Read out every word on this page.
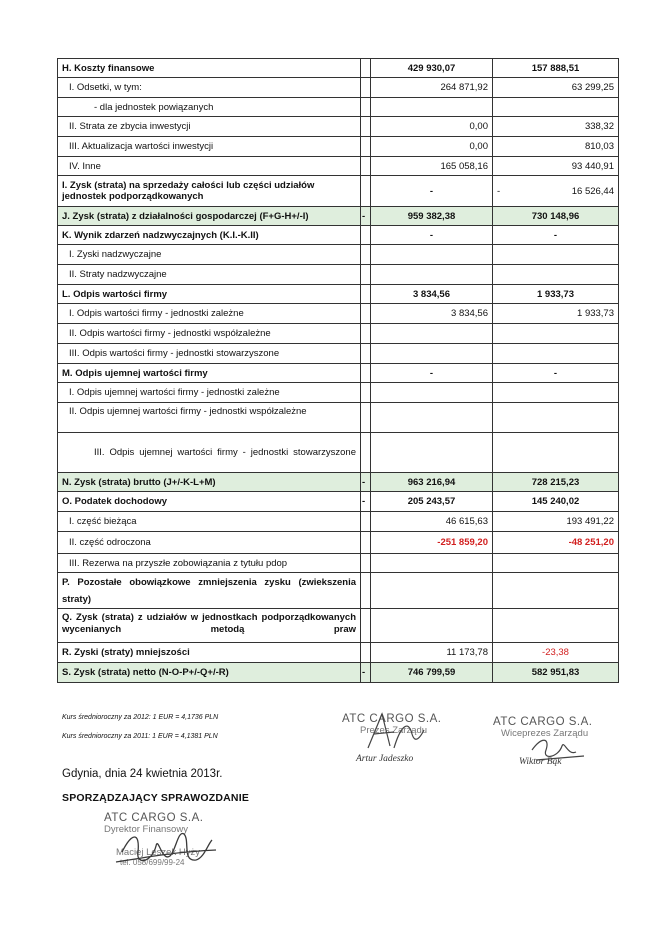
H. Koszty finansowe		429 930,07	157 888,51
I. Odsetki, w tym:		264 871,92	63 299,25
- dla jednostek powiązanych			
II. Strata ze zbycia inwestycji		0,00	338,32
III. Aktualizacja wartości inwestycji		0,00	810,03
IV. Inne		165 058,16	93 440,91
I. Zysk (strata) na sprzedaży całości lub części udziałów jednostek podporządkowanych		-	- 16 526,44
J. Zysk (strata) z działalności gospodarczej (F+G-H+/-I)	-	959 382,38	730 148,96
K. Wynik zdarzeń nadzwyczajnych (K.I.-K.II)		-	-
I. Zyski nadzwyczajne			
II. Straty nadzwyczajne			
L. Odpis wartości firmy		3 834,56	1 933,73
I. Odpis wartości firmy - jednostki zależne		3 834,56	1 933,73
II. Odpis wartości firmy - jednostki współzależne			
III. Odpis wartości firmy - jednostki stowarzyszone			
M. Odpis ujemnej wartości firmy		-	-
I. Odpis ujemnej wartości firmy - jednostki zależne			
II. Odpis ujemnej wartości firmy - jednostki współzależne			
III. Odpis ujemnej wartości firmy - jednostki stowarzyszone			
N. Zysk (strata) brutto (J+/-K-L+M)	-	963 216,94	728 215,23
O. Podatek dochodowy	-	205 243,57	145 240,02
I. część bieżąca		46 615,63	193 491,22
II. część odroczona		-251 859,20	-48 251,20
III. Rezerwa na przyszłe zobowiązania z tytułu pdop			
P. Pozostałe obowiązkowe zmniejszenia zysku (zwiekszenia straty)			
Q. Zysk (strata) z udziałów w jednostkach podporządkowanych wycenianych metodą praw			
R. Zyski (straty) mniejszości		11 173,78	-23,38
S. Zysk (strata) netto (N-O-P+/-Q+/-R)	-	746 799,59	582 951,83
Kurs średnioroczny za 2012: 1 EUR = 4,1736 PLN
Kurs średnioroczny za 2011: 1 EUR = 4,1381 PLN
ATC CARGO S.A.
Prezes Zarządu
Artur Jadeszko
ATC CARGO S.A.
Wiceprezes Zarządu
Wiktor Bąk
Gdynia, dnia 24 kwietnia 2013r.
SPORZĄDZAJĄCY SPRAWOZDANIE
ATC CARGO S.A.
Dyrektor Finansowy
Maciej Leszek Hyży
tel. 058/699/99-24
